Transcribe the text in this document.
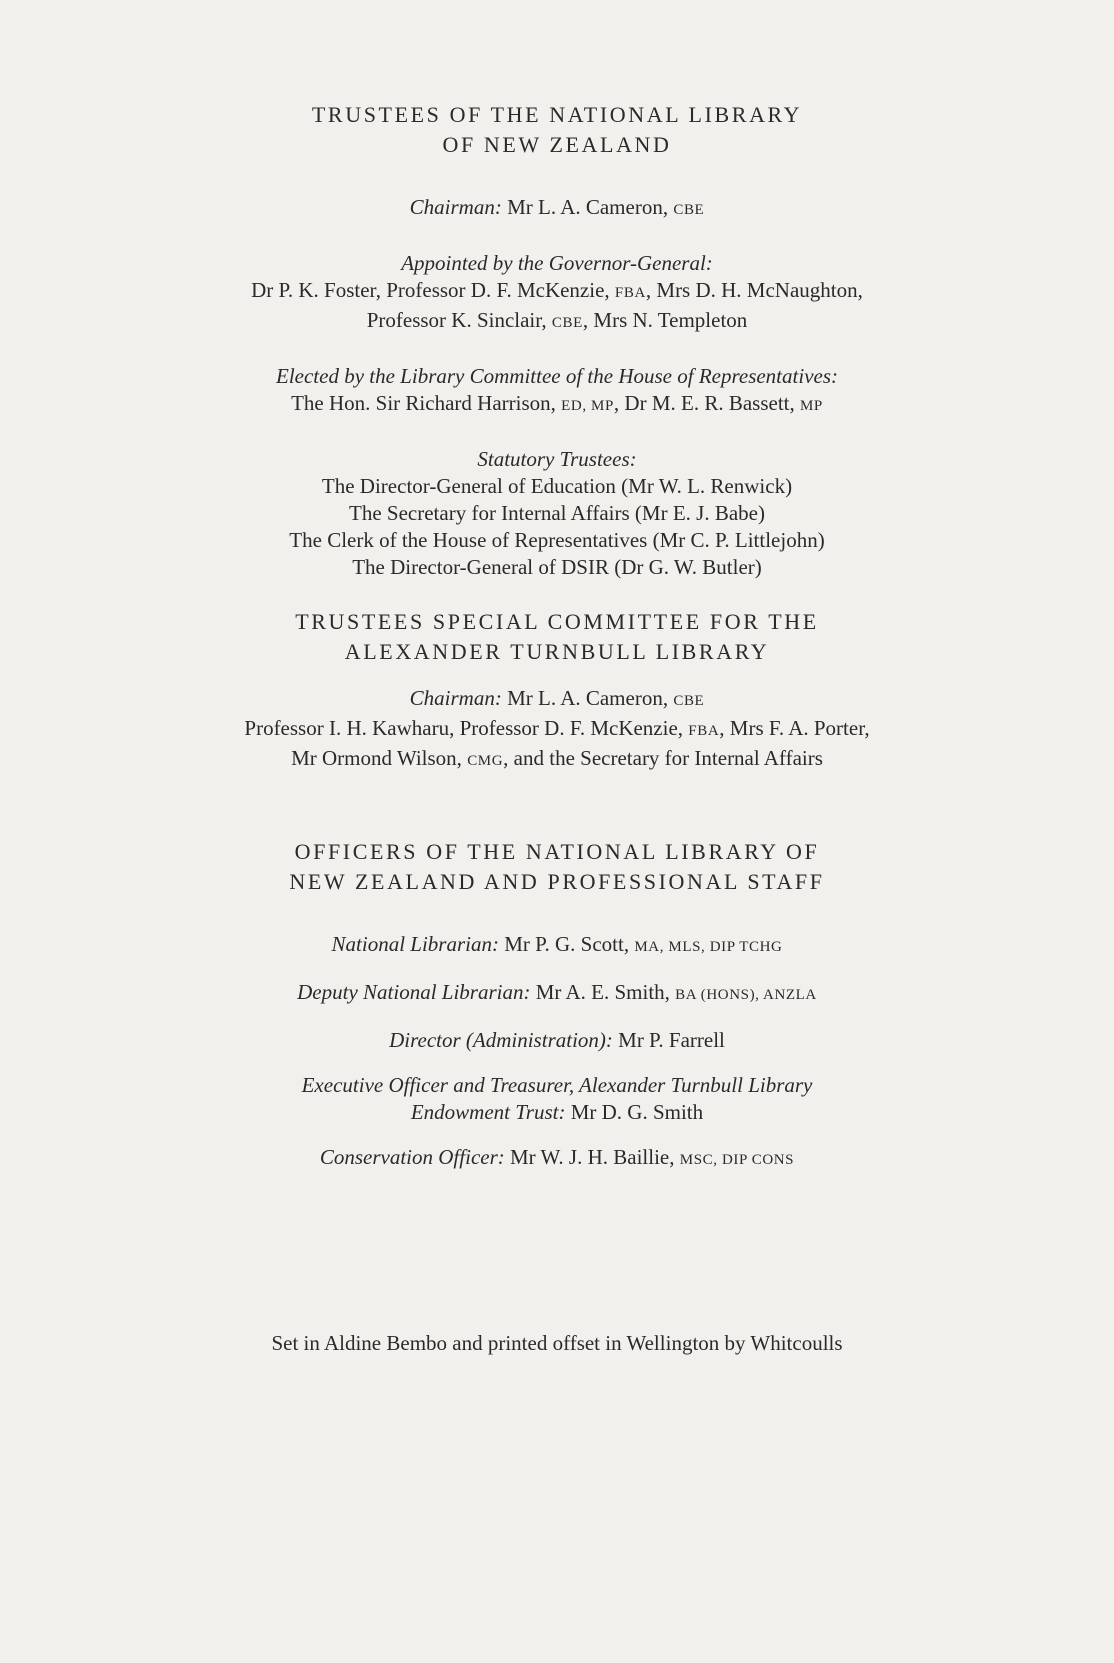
TRUSTEES OF THE NATIONAL LIBRARY

OF NEW ZEALAND

Chairman: Mr L. A. Cameron, CBE

Appointed by the Governor-General:

Dr P. K. Foster, Professor D. F. McKenzie, FBA, Mrs D. H. McNaughton,

Professor K. Sinclair, CBE, Mrs N. Templeton

Elected by the Library Committee of the House of Representatives:

The Hon. Sir Richard Harrison, ED, MP, Dr M. E. R. Bassett, MP

Statutory Trustees:

The Director-General of Education (Mr W. L. Renwick)

The Secretary for Internal Affairs (Mr E. J. Babe)

The Clerk of the House of Representatives (Mr C. P. Littlejohn)

The Director-General of DSIR (Dr G. W. Butler)

TRUSTEES SPECIAL COMMITTEE FOR THE

ALEXANDER TURNBULL LIBRARY

Chairman: Mr L. A. Cameron, CBE

Professor I. H. Kawharu, Professor D. F. McKenzie, FBA, Mrs F. A. Porter,

Mr Ormond Wilson, CMG, and the Secretary for Internal Affairs

OFFICERS OF THE NATIONAL LIBRARY OF

NEW ZEALAND AND PROFESSIONAL STAFF

National Librarian: Mr P. G. Scott, MA, MLS, DIP TCHG

Deputy National Librarian: Mr A. E. Smith, BA (HONS), ANZLA

Director (Administration): Mr P. Farrell

Executive Officer and Treasurer, Alexander Turnbull Library

Endowment Trust: Mr D. G. Smith

Conservation Officer: Mr W. J. H. Baillie, MSC, DIP CONS

Set in Aldine Bembo and printed offset in Wellington by Whitcoulls
